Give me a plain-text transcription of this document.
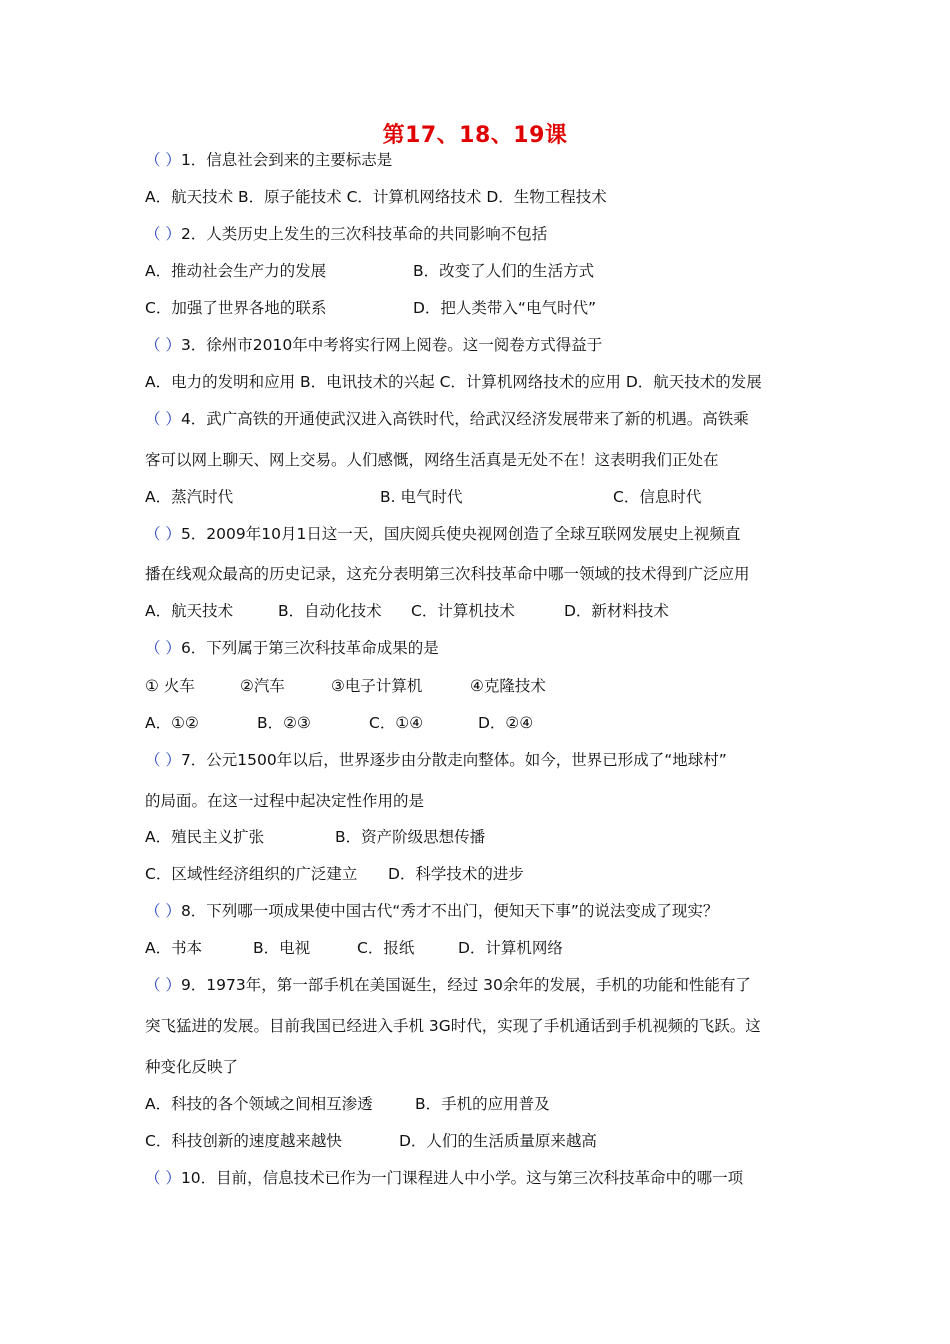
第17、18、19课
（ ）1．信息社会到来的主要标志是
A．航天技术 B．原子能技术 C．计算机网络技术 D．生物工程技术
（ ）2．人类历史上发生的三次科技革命的共同影响不包括
A．推动社会生产力的发展	B．改变了人们的生活方式
C．加强了世界各地的联系	D．把人类带入“电气时代”
（ ）3．徐州市2010年中考将实行网上阅卷。这一阅卷方式得益于
A．电力的发明和应用 B．电讯技术的兴起 C．计算机网络技术的应用 D．航天技术的发展
（ ）4．武广高铁的开通使武汉进入高铁时代，给武汉经济发展带来了新的机遇。高铁乘
客可以网上聊天、网上交易。人们感慨，网络生活真是无处不在！这表明我们正处在
A．蒸汽时代	B. 电气时代	C．信息时代
（ ）5．2009年10月1日这一天，国庆阅兵使央视网创造了全球互联网发展史上视频直
播在线观众最高的历史记录，这充分表明第三次科技革命中哪一领域的技术得到广泛应用
A．航天技术	B．自动化技术 C．计算机技术	D．新材料技术
（ ）6．下列属于第三次科技革命成果的是
① 火车	②汽车	③电子计算机	④克隆技术
A．①②	B．②③	C．①④	D．②④
（ ）7．公元1500年以后，世界逐步由分散走向整体。如今，世界已形成了“地球村”
的局面。在这一过程中起决定性作用的是
A．殖民主义扩张	B．资产阶级思想传播
C．区域性经济组织的广泛建立 D．科学技术的进步
（ ）8．下列哪一项成果使中国古代“秀才不出门，便知天下事”的说法变成了现实？
A．书本	B．电视	C．报纸	D．计算机网络
（ ）9．1973年，第一部手机在美国诞生，经过 30余年的发展，手机的功能和性能有了
突飞猛进的发展。目前我国已经进入手机 3G时代，实现了手机通话到手机视频的飞跃。这
种变化反映了
A．科技的各个领域之间相互渗透	B．手机的应用普及
C．科技创新的速度越来越快	D．人们的生活质量原来越高
（ ）10．目前，信息技术已作为一门课程进人中小学。这与第三次科技革命中的哪一项
